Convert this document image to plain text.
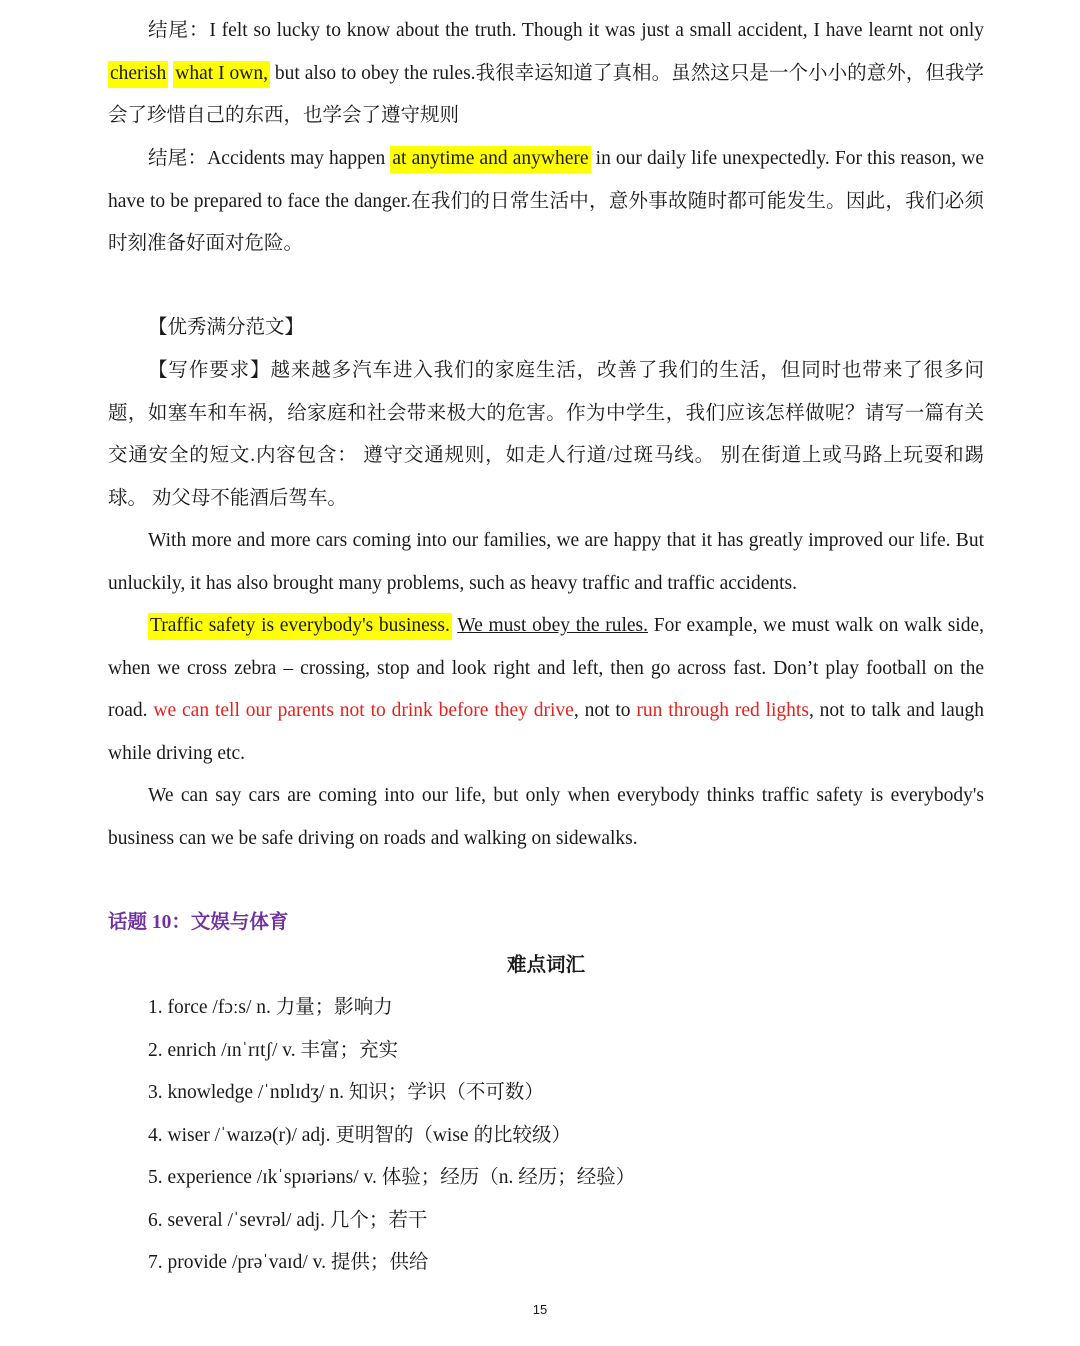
结尾：I felt so lucky to know about the truth. Though it was just a small accident, I have learnt not only cherish what I own, but also to obey the rules.我很幸运知道了真相。虽然这只是一个小小的意外，但我学会了珍惜自己的东西，也学会了遵守规则

结尾：Accidents may happen at anytime and anywhere in our daily life unexpectedly. For this reason, we have to be prepared to face the danger.在我们的日常生活中，意外事故随时都可能发生。因此，我们必须时刻准备好面对危险。

【优秀满分范文】

【写作要求】越来越多汽车进入我们的家庭生活，改善了我们的生活，但同时也带来了很多问题，如塞车和车祸，给家庭和社会带来极大的危害。作为中学生，我们应该怎样做呢？请写一篇有关交通安全的短文.内容包含： 遵守交通规则，如走人行道/过斑马线。 别在街道上或马路上玩耍和踢球。 劝父母不能酒后驾车。

With more and more cars coming into our families, we are happy that it has greatly improved our life. But unluckily, it has also brought many problems, such as heavy traffic and traffic accidents.

Traffic safety is everybody's business. We must obey the rules. For example, we must walk on walk side, when we cross zebra – crossing, stop and look right and left, then go across fast. Don’t play football on the road. we can tell our parents not to drink before they drive, not to run through red lights, not to talk and laugh while driving etc.

We can say cars are coming into our life, but only when everybody thinks traffic safety is everybody's business can we be safe driving on roads and walking on sidewalks.

话题 10：文娱与体育

难点词汇
1. force /fɔːs/ n. 力量；影响力
2. enrich /ɪnˈrɪtʃ/ v. 丰富；充实
3. knowledge /ˈnɒlɪdʒ/ n. 知识；学识（不可数）
4. wiser /ˈwaɪzə(r)/ adj. 更明智的（wise 的比较级）
5. experience /ɪkˈspɪəriəns/ v. 体验；经历（n. 经历；经验）
6. several /ˈsevrəl/ adj. 几个；若干
7. provide /prəˈvaɪd/ v. 提供；供给
15
